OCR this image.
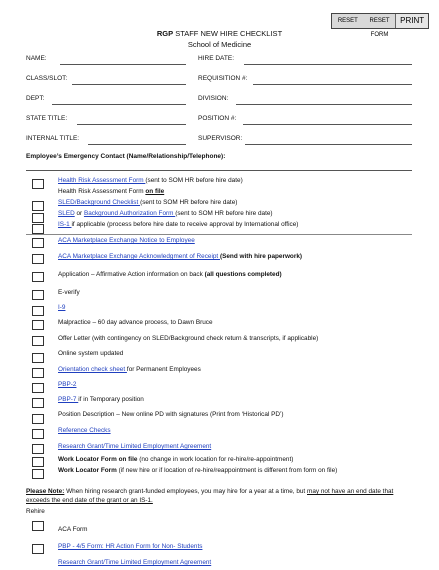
RESET	RESET FORM
PRINT
RGP STAFF NEW HIRE CHECKLIST
School of Medicine
NAME:	HIRE DATE:
CLASS/SLOT:	REQUISITION #:
DEPT:	DIVISION:
STATE TITLE:	POSITION #:
INTERNAL TITLE:	SUPERVISOR:
Employee’s Emergency Contact (Name/Relationship/Telephone):
Health Risk Assessment Form (sent to SOM HR before hire date)
Health Risk Assessment Form on file
SLED/Background Checklist (sent to SOM HR before hire date)
SLED or Background Authorization Form (sent to SOM HR before hire date)
IS-1 if applicable (process before hire date to receive approval by International office)
ACA Marketplace Exchange Notice to Employee
ACA Marketplace Exchange Acknowledgment of Receipt (Send with hire paperwork)
Application – Affirmative Action information on back (all questions completed)
E-verify
I-9
Malpractice – 60 day advance process, to Dawn Bruce
Offer Letter (with contingency on SLED/Background check return & transcripts, if applicable)
Online system updated
Orientation check sheet for Permanent Employees
PBP-2
PBP-7 if in Temporary position
Position Description – New online PD with signatures (Print from ‘Historical PD’)
Reference Checks
Research Grant/Time Limited Employment Agreement
Work Locator Form on file (no change in work location for re-hire/re-appointment)
Work Locator Form (if new hire or if location of re-hire/reappointment is different from form on file)
Please Note: When hiring research grant-funded employees, you may hire for a year at a time, but may not have an end date that exceeds the end date of the grant or an IS-1.
Rehire
ACA Form
PBP - 4/5 Form: HR Action Form for Non- Students
Research Grant/Time Limited Employment Agreement
